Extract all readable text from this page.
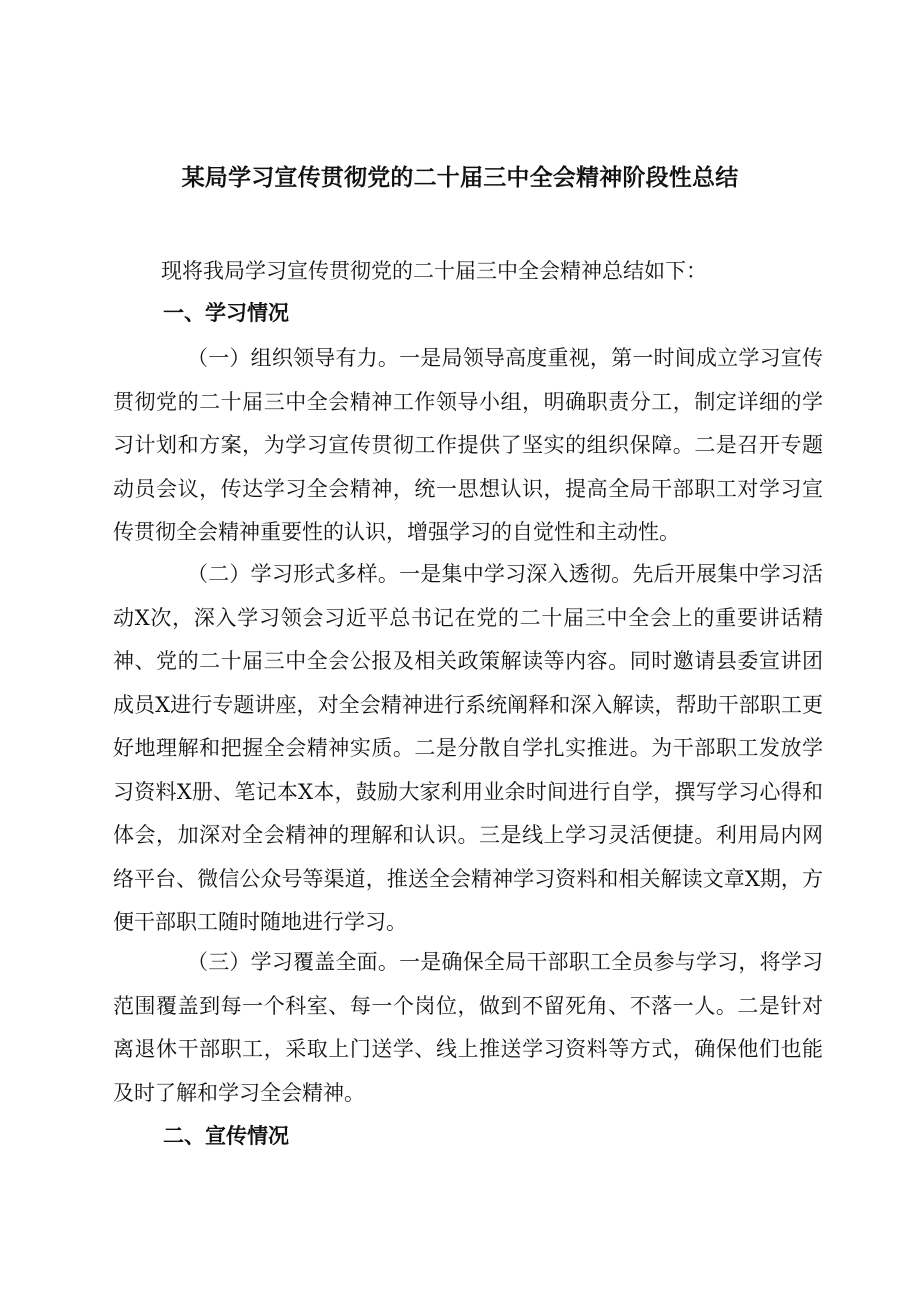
某局学习宣传贯彻党的二十届三中全会精神阶段性总结

现将我局学习宣传贯彻党的二十届三中全会精神总结如下：

一、学习情况

（一）组织领导有力。一是局领导高度重视，第一时间成立学习宣传贯彻党的二十届三中全会精神工作领导小组，明确职责分工，制定详细的学习计划和方案，为学习宣传贯彻工作提供了坚实的组织保障。二是召开专题动员会议，传达学习全会精神，统一思想认识，提高全局干部职工对学习宣传贯彻全会精神重要性的认识，增强学习的自觉性和主动性。

（二）学习形式多样。一是集中学习深入透彻。先后开展集中学习活动X次，深入学习领会习近平总书记在党的二十届三中全会上的重要讲话精神、党的二十届三中全会公报及相关政策解读等内容。同时邀请县委宣讲团成员X进行专题讲座，对全会精神进行系统阐释和深入解读，帮助干部职工更好地理解和把握全会精神实质。二是分散自学扎实推进。为干部职工发放学习资料X册、笔记本X本，鼓励大家利用业余时间进行自学，撰写学习心得和体会，加深对全会精神的理解和认识。三是线上学习灵活便捷。利用局内网络平台、微信公众号等渠道，推送全会精神学习资料和相关解读文章X期，方便干部职工随时随地进行学习。

（三）学习覆盖全面。一是确保全局干部职工全员参与学习，将学习范围覆盖到每一个科室、每一个岗位，做到不留死角、不落一人。二是针对离退休干部职工，采取上门送学、线上推送学习资料等方式，确保他们也能及时了解和学习全会精神。

二、宣传情况
